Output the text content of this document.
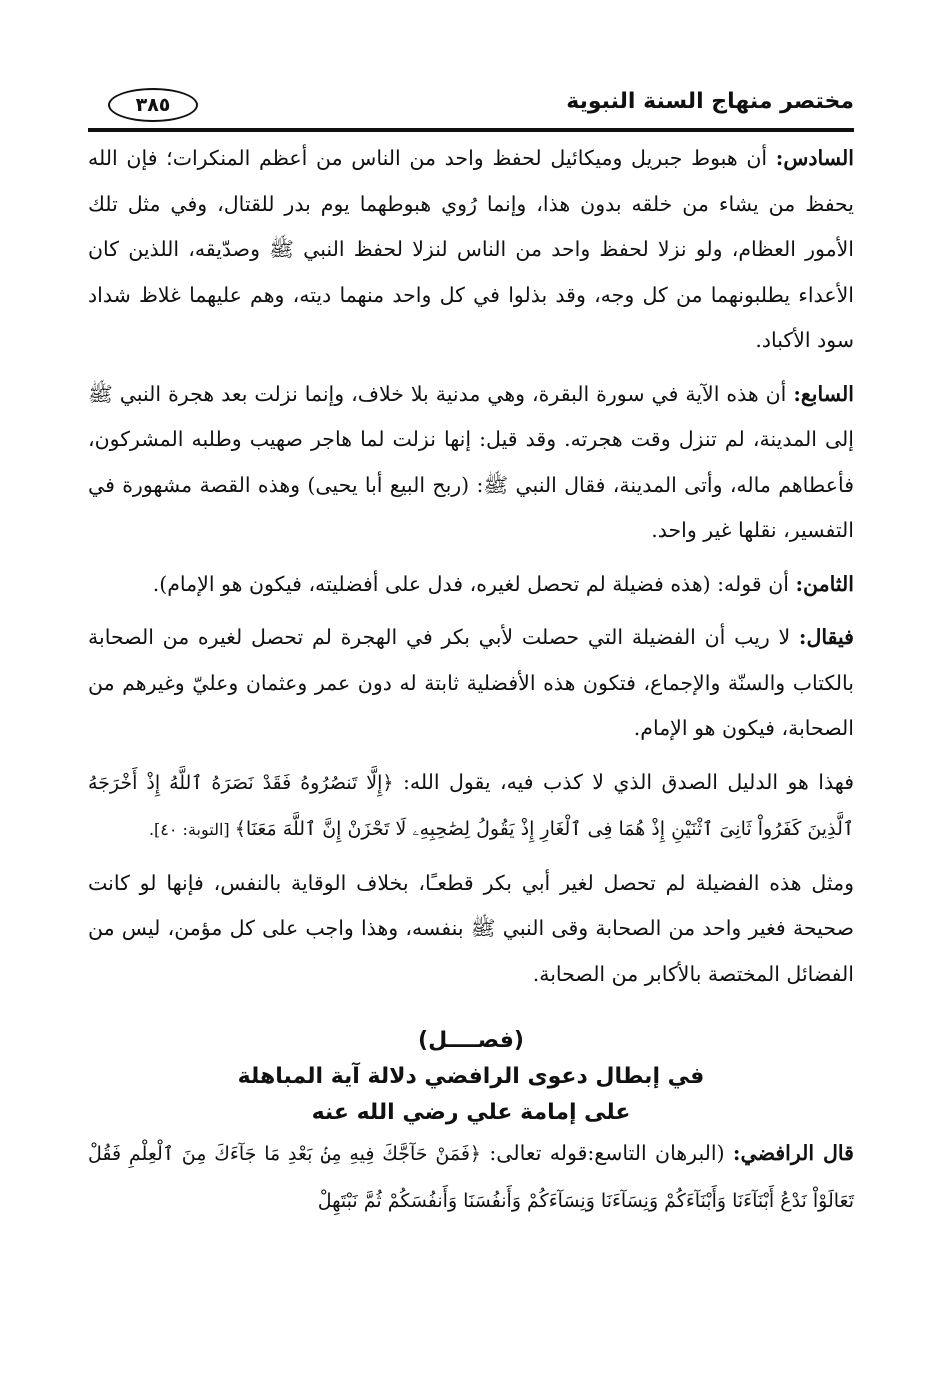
مختصر منهاج السنة النبوية
٣٨٥

السادس: أن هبوط جبريل وميكائيل لحفظ واحد من الناس من أعظم المنكرات؛ فإن الله يحفظ من يشاء من خلقه بدون هذا، وإنما رُوي هبوطهما يوم بدر للقتال، وفي مثل تلك الأمور العظام، ولو نزلا لحفظ واحد من الناس لنزلا لحفظ النبي ﷺ وصدّيقه، اللذين كان الأعداء يطلبونهما من كل وجه، وقد بذلوا في كل واحد منهما ديته، وهم عليهما غلاظ شداد سود الأكباد.

السابع: أن هذه الآية في سورة البقرة، وهي مدنية بلا خلاف، وإنما نزلت بعد هجرة النبي ﷺ إلى المدينة، لم تنزل وقت هجرته. وقد قيل: إنها نزلت لما هاجر صهيب وطلبه المشركون، فأعطاهم ماله، وأتى المدينة، فقال النبي ﷺ: (ربح البيع أبا يحيى) وهذه القصة مشهورة في التفسير، نقلها غير واحد.

الثامن: أن قوله: (هذه فضيلة لم تحصل لغيره، فدل على أفضليته، فيكون هو الإمام).

فيقال: لا ريب أن الفضيلة التي حصلت لأبي بكر في الهجرة لم تحصل لغيره من الصحابة بالكتاب والسنّة والإجماع، فتكون هذه الأفضلية ثابتة له دون عمر وعثمان وعليّ وغيرهم من الصحابة، فيكون هو الإمام.

فهذا هو الدليل الصدق الذي لا كذب فيه، يقول الله: ﴿إِلَّا تَنصُرُوهُ فَقَدْ نَصَرَهُ ٱللَّهُ إِذْ أَخْرَجَهُ ٱلَّذِينَ كَفَرُواْ ثَانِىَ ٱثْنَيْنِ إِذْ هُمَا فِى ٱلْغَارِ إِذْ يَقُولُ لِصَٰحِبِهِۦ لَا تَحْزَنْ إِنَّ ٱللَّهَ مَعَنَا﴾ [التوبة: ٤٠].

ومثل هذه الفضيلة لم تحصل لغير أبي بكر قطعـًا، بخلاف الوقاية بالنفس، فإنها لو كانت صحيحة فغير واحد من الصحابة وقى النبي ﷺ بنفسه، وهذا واجب على كل مؤمن، ليس من الفضائل المختصة بالأكابر من الصحابة.

(فصــــل)
في إبطال دعوى الرافضي دلالة آية المباهلة
على إمامة علي رضي الله عنه

قال الرافضي: (البرهان التاسع:قوله تعالى: ﴿فَمَنْ حَآجَّكَ فِيهِ مِنۢ بَعْدِ مَا جَآءَكَ مِنَ ٱلْعِلْمِ فَقُلْ تَعَالَوْاْ نَدْعُ أَبْنَآءَنَا وَأَبْنَآءَكُمْ وَنِسَآءَنَا وَنِسَآءَكُمْ وَأَنفُسَنَا وَأَنفُسَكُمْ ثُمَّ نَبْتَهِلْ
